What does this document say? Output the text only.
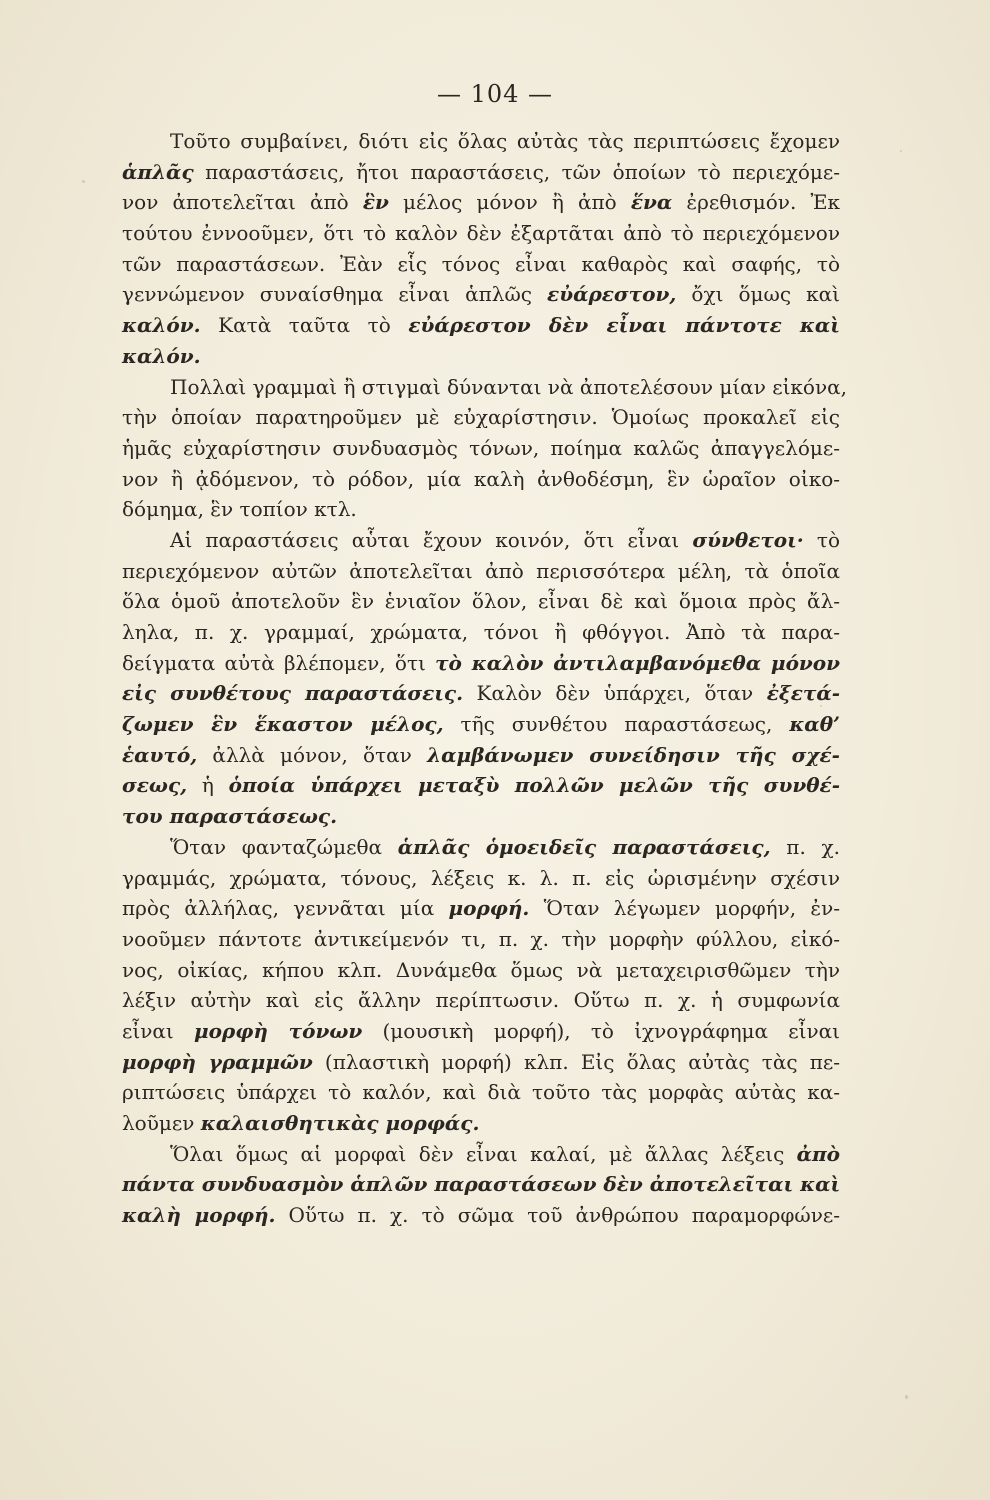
— 104 —
Τοῦτο συμβαίνει, διότι εἰς ὅλας αὐτὰς τὰς περιπτώσεις ἔχομεν
ἁπλᾶς παραστάσεις, ἤτοι παραστάσεις, τῶν ὁποίων τὸ περιεχόμε-
νον ἀποτελεῖται ἀπὸ ἓν μέλος μόνον ἢ ἀπὸ ἕνα ἐρεθισμόν. Ἐκ
τούτου ἐννοοῦμεν, ὅτι τὸ καλὸν δὲν ἐξαρτᾶται ἀπὸ τὸ περιεχόμενον
τῶν παραστάσεων. Ἐὰν εἷς τόνος εἶναι καθαρὸς καὶ σαφής, τὸ
γεννώμενον συναίσθημα εἶναι ἁπλῶς εὐάρεστον, ὄχι ὅμως καὶ
καλόν. Κατὰ ταῦτα τὸ εὐάρεστον δὲν εἶναι πάντοτε καὶ
καλόν.
Πολλαὶ γραμμαὶ ἢ στιγμαὶ δύνανται νὰ ἀποτελέσουν μίαν εἰκόνα,
τὴν ὁποίαν παρατηροῦμεν μὲ εὐχαρίστησιν. Ὁμοίως προκαλεῖ εἰς
ἡμᾶς εὐχαρίστησιν συνδυασμὸς τόνων, ποίημα καλῶς ἀπαγγελόμε-
νον ἢ ᾀδόμενον, τὸ ρόδον, μία καλὴ ἀνθοδέσμη, ἓν ὡραῖον οἰκο-
δόμημα, ἓν τοπίον κτλ.
Αἱ παραστάσεις αὗται ἔχουν κοινόν, ὅτι εἶναι σύνθετοι· τὸ
περιεχόμενον αὐτῶν ἀποτελεῖται ἀπὸ περισσότερα μέλη, τὰ ὁποῖα
ὅλα ὁμοῦ ἀποτελοῦν ἓν ἑνιαῖον ὅλον, εἶναι δὲ καὶ ὅμοια πρὸς ἄλ-
ληλα, π. χ. γραμμαί, χρώματα, τόνοι ἢ φθόγγοι. Ἀπὸ τὰ παρα-
δείγματα αὐτὰ βλέπομεν, ὅτι τὸ καλὸν ἀντιλαμβανόμεθα μόνον
εἰς συνθέτους παραστάσεις. Καλὸν δὲν ὑπάρχει, ὅταν ἐξετά-
ζωμεν ἓν ἕκαστον μέλος, τῆς συνθέτου παραστάσεως, καθ’
ἑαυτό, ἀλλὰ μόνον, ὅταν λαμβάνωμεν συνείδησιν τῆς σχέ-
σεως, ἡ ὁποία ὑπάρχει μεταξὺ πολλῶν μελῶν τῆς συνθέ-
του παραστάσεως.
Ὅταν φανταζώμεθα ἁπλᾶς ὁμοειδεῖς παραστάσεις, π. χ.
γραμμάς, χρώματα, τόνους, λέξεις κ. λ. π. εἰς ὡρισμένην σχέσιν
πρὸς ἀλλήλας, γεννᾶται μία μορφή. Ὅταν λέγωμεν μορφήν, ἐν-
νοοῦμεν πάντοτε ἀντικείμενόν τι, π. χ. τὴν μορφὴν φύλλου, εἰκό-
νος, οἰκίας, κήπου κλπ. Δυνάμεθα ὅμως νὰ μεταχειρισθῶμεν τὴν
λέξιν αὐτὴν καὶ εἰς ἄλλην περίπτωσιν. Οὕτω π. χ. ἡ συμφωνία
εἶναι μορφὴ τόνων (μουσικὴ μορφή), τὸ ἰχνογράφημα εἶναι
μορφὴ γραμμῶν (πλαστικὴ μορφή) κλπ. Εἰς ὅλας αὐτὰς τὰς πε-
ριπτώσεις ὑπάρχει τὸ καλόν, καὶ διὰ τοῦτο τὰς μορφὰς αὐτὰς κα-
λοῦμεν καλαισθητικὰς μορφάς.
Ὅλαι ὅμως αἱ μορφαὶ δὲν εἶναι καλαί, μὲ ἄλλας λέξεις ἀπὸ
πάντα συνδυασμὸν ἁπλῶν παραστάσεων δὲν ἀποτελεῖται καὶ
καλὴ μορφή. Οὕτω π. χ. τὸ σῶμα τοῦ ἀνθρώπου παραμορφώνε-
